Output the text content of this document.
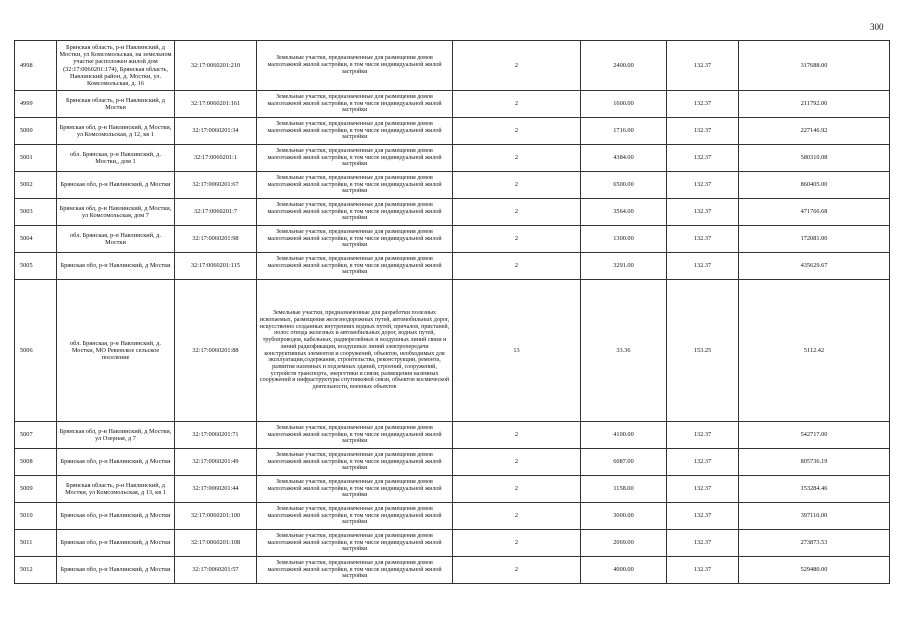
300
4998	Брянская область, р-н Навлинский, д Мостки, ул Комсомольская, на земельном участке расположен жилой дом (32:17:0060201:174), Брянская область, Навлинский район, д. Мостки, ул. Комсомольская, д. 16	32:17:0060201:210	Земельные участки, предназначенные для размещения домов малоэтажной жилой застройки, в том числе индивидуальной жилой застройки	2	2400.00	132.37	317688.00
4999	Брянская область, р-н Навлинский, д Мостки	32:17:0060201:161	Земельные участки, предназначенные для размещения домов малоэтажной жилой застройки, в том числе индивидуальной жилой застройки	2	1600.00	132.37	211792.00
5000	Брянская обл, р-н Навлинский, д Мостки, ул Комсомольская, д 12, кв 1	32:17:0060201:34	Земельные участки, предназначенные для размещения домов малоэтажной жилой застройки, в том числе индивидуальной жилой застройки	2	1716.00	132.37	227146.92
5001	обл. Брянская, р-н Навлинский, д. Мостки,, дом 1	32:17:0060201:1	Земельные участки, предназначенные для размещения домов малоэтажной жилой застройки, в том числе индивидуальной жилой застройки	2	4384.00	132.37	580310.08
5002	Брянская обл, р-н Навлинский, д Мостки	32:17:0060201:67	Земельные участки, предназначенные для размещения домов малоэтажной жилой застройки, в том числе индивидуальной жилой застройки	2	6500.00	132.37	860405.00
5003	Брянская обл, р-н Навлинский, д Мостки, ул Комсомольская, дом 7	32:17:0060201:7	Земельные участки, предназначенные для размещения домов малоэтажной жилой застройки, в том числе индивидуальной жилой застройки	2	3564.00	132.37	471766.68
5004	обл. Брянская, р-н Навлинский, д. Мостки	32:17:0060201:98	Земельные участки, предназначенные для размещения домов малоэтажной жилой застройки, в том числе индивидуальной жилой застройки	2	1300.00	132.37	172081.00
5005	Брянская обл, р-н Навлинский, д Мостки	32:17:0060201:115	Земельные участки, предназначенные для размещения домов малоэтажной жилой застройки, в том числе индивидуальной жилой застройки	2	3291.00	132.37	435629.67
5006	обл. Брянская, р-н Навлинский, д. Мостки, МО Ревенское сельское поселение	32:17:0060201:88	Земельные участки, предназначенные для разработки полезных ископаемых, размещения железнодорожных путей, автомобильных дорог, искусственно созданных внутренних водных путей, причалов, пристаней, полос отвода железных и автомобильных дорог, водных путей, трубопроводов, кабельных, радиорелейных и воздушных линий связи и линий радиофикации, воздушных линий электропередачи конструктивных элементов и сооружений, объектов, необходимых для эксплуатации,содержания, строительства, реконструкции, ремонта, развития наземных и подземных зданий, строений, сооружений, устройств транспорта, энергетики и связи; размещения наземных сооружений и инфраструктуры спутниковой связи, объектов космической деятельности, военных объектов	13	33.36	153.25	5112.42
5007	Брянская обл, р-н Навлинский, д Мостки, ул Озерная, д 7	32:17:0060201:71	Земельные участки, предназначенные для размещения домов малоэтажной жилой застройки, в том числе индивидуальной жилой застройки	2	4100.00	132.37	542717.00
5008	Брянская обл, р-н Навлинский, д Мостки	32:17:0060201:49	Земельные участки, предназначенные для размещения домов малоэтажной жилой застройки, в том числе индивидуальной жилой застройки	2	6087.00	132.37	805736.19
5009	Брянская область, р-н Навлинский, д Мостки, ул Комсомольская, д 13, кв 1	32:17:0060201:44	Земельные участки, предназначенные для размещения домов малоэтажной жилой застройки, в том числе индивидуальной жилой застройки	2	1158.00	132.37	153284.46
5010	Брянская обл, р-н Навлинский, д Мостки	32:17:0060201:100	Земельные участки, предназначенные для размещения домов малоэтажной жилой застройки, в том числе индивидуальной жилой застройки	2	3000.00	132.37	397110.00
5011	Брянская обл, р-н Навлинский, д Мостки	32:17:0060201:108	Земельные участки, предназначенные для размещения домов малоэтажной жилой застройки, в том числе индивидуальной жилой застройки	2	2069.00	132.37	273873.53
5012	Брянская обл, р-н Навлинский, д Мостки	32:17:0060201:57	Земельные участки, предназначенные для размещения домов малоэтажной жилой застройки, в том числе индивидуальной жилой застройки	2	4000.00	132.37	529480.00
